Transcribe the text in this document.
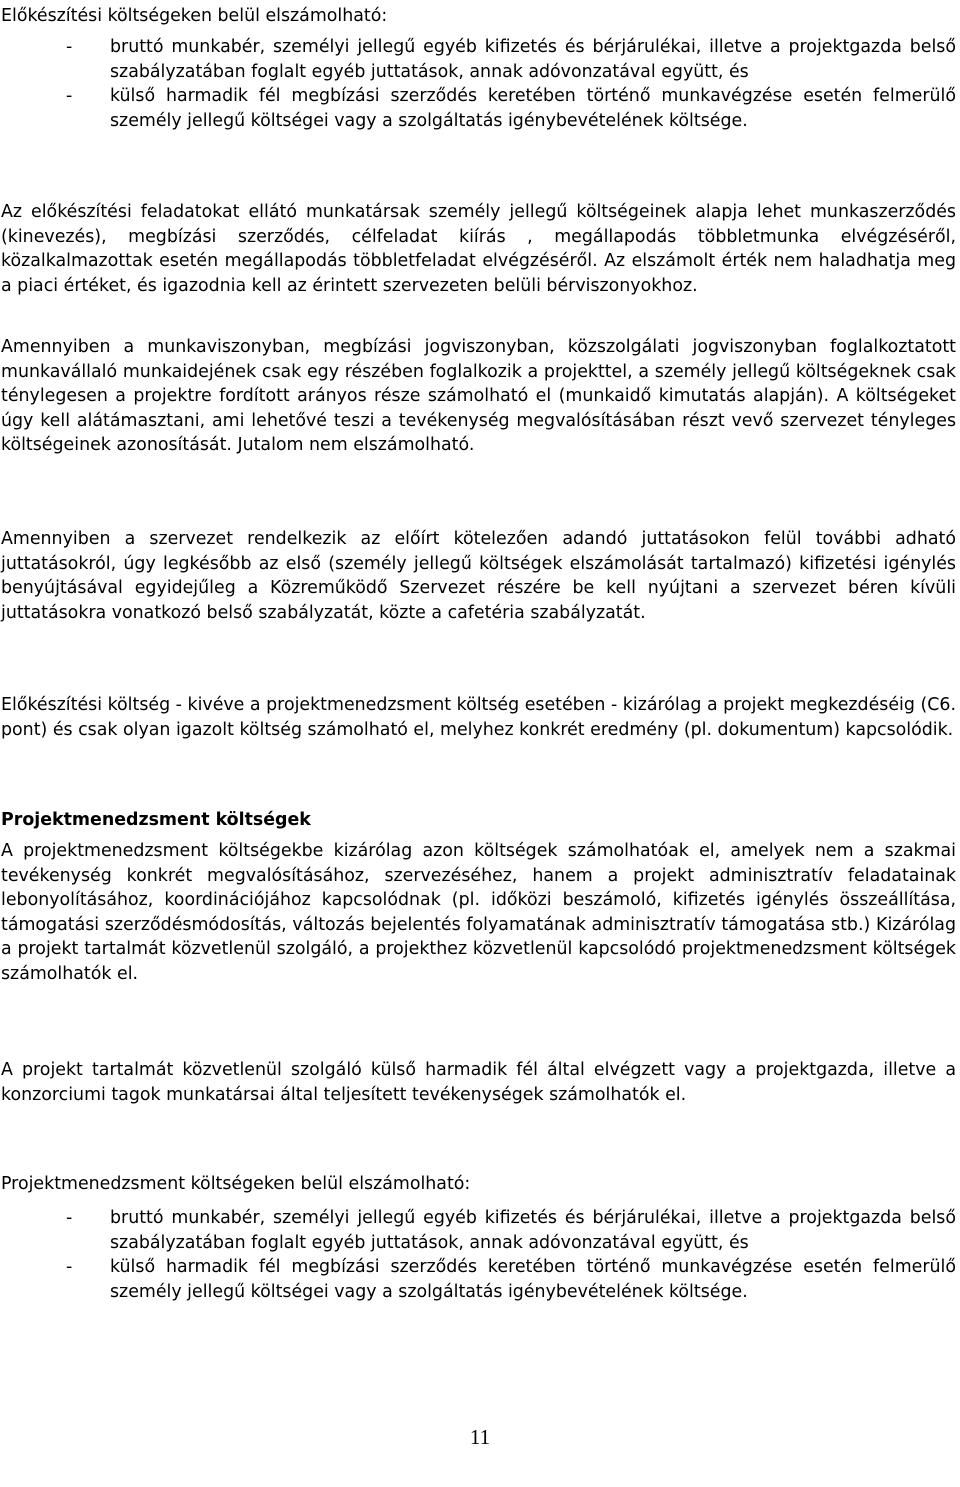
Előkészítési költségeken belül elszámolható:

- bruttó munkabér, személyi jellegű egyéb kifizetés és bérjárulékai, illetve a projektgazda belső szabályzatában foglalt egyéb juttatások, annak adóvonzatával együtt, és
- külső harmadik fél megbízási szerződés keretében történő munkavégzése esetén felmerülő személy jellegű költségei vagy a szolgáltatás igénybevételének költsége.

Az előkészítési feladatokat ellátó munkatársak személy jellegű költségeinek alapja lehet munkaszerződés (kinevezés), megbízási szerződés, célfeladat kiírás , megállapodás többletmunka elvégzéséről, közalkalmazottak esetén megállapodás többletfeladat elvégzéséről. Az elszámolt érték nem haladhatja meg a piaci értéket, és igazodnia kell az érintett szervezeten belüli bérviszonyokhoz.

Amennyiben a munkaviszonyban, megbízási jogviszonyban, közszolgálati jogviszonyban foglalkoztatott munkavállaló munkaidejének csak egy részében foglalkozik a projekttel, a személy jellegű költségeknek csak ténylegesen a projektre fordított arányos része számolható el (munkaidő kimutatás alapján). A költségeket úgy kell alátámasztani, ami lehetővé teszi a tevékenység megvalósításában részt vevő szervezet tényleges költségeinek azonosítását. Jutalom nem elszámolható.

Amennyiben a szervezet rendelkezik az előírt kötelezően adandó juttatásokon felül további adható juttatásokról, úgy legkésőbb az első (személy jellegű költségek elszámolását tartalmazó) kifizetési igénylés benyújtásával egyidejűleg a Közreműködő Szervezet részére be kell nyújtani a szervezet béren kívüli juttatásokra vonatkozó belső szabályzatát, közte a cafetéria szabályzatát.

Előkészítési költség - kivéve a projektmenedzsment költség esetében - kizárólag a projekt megkezdéséig (C6. pont) és csak olyan igazolt költség számolható el, melyhez konkrét eredmény (pl. dokumentum) kapcsolódik.

Projektmenedzsment költségek

A projektmenedzsment költségekbe kizárólag azon költségek számolhatóak el, amelyek nem a szakmai tevékenység konkrét megvalósításához, szervezéséhez, hanem a projekt adminisztratív feladatainak lebonyolításához, koordinációjához kapcsolódnak (pl. időközi beszámoló, kifizetés igénylés összeállítása, támogatási szerződésmódosítás, változás bejelentés folyamatának adminisztratív támogatása stb.) Kizárólag a projekt tartalmát közvetlenül szolgáló, a projekthez közvetlenül kapcsolódó projektmenedzsment költségek számolhatók el.

A projekt tartalmát közvetlenül szolgáló külső harmadik fél által elvégzett vagy a projektgazda, illetve a konzorciumi tagok munkatársai által teljesített tevékenységek számolhatók el.

Projektmenedzsment költségeken belül elszámolható:

- bruttó munkabér, személyi jellegű egyéb kifizetés és bérjárulékai, illetve a projektgazda belső szabályzatában foglalt egyéb juttatások, annak adóvonzatával együtt, és
- külső harmadik fél megbízási szerződés keretében történő munkavégzése esetén felmerülő személy jellegű költségei vagy a szolgáltatás igénybevételének költsége.
11
